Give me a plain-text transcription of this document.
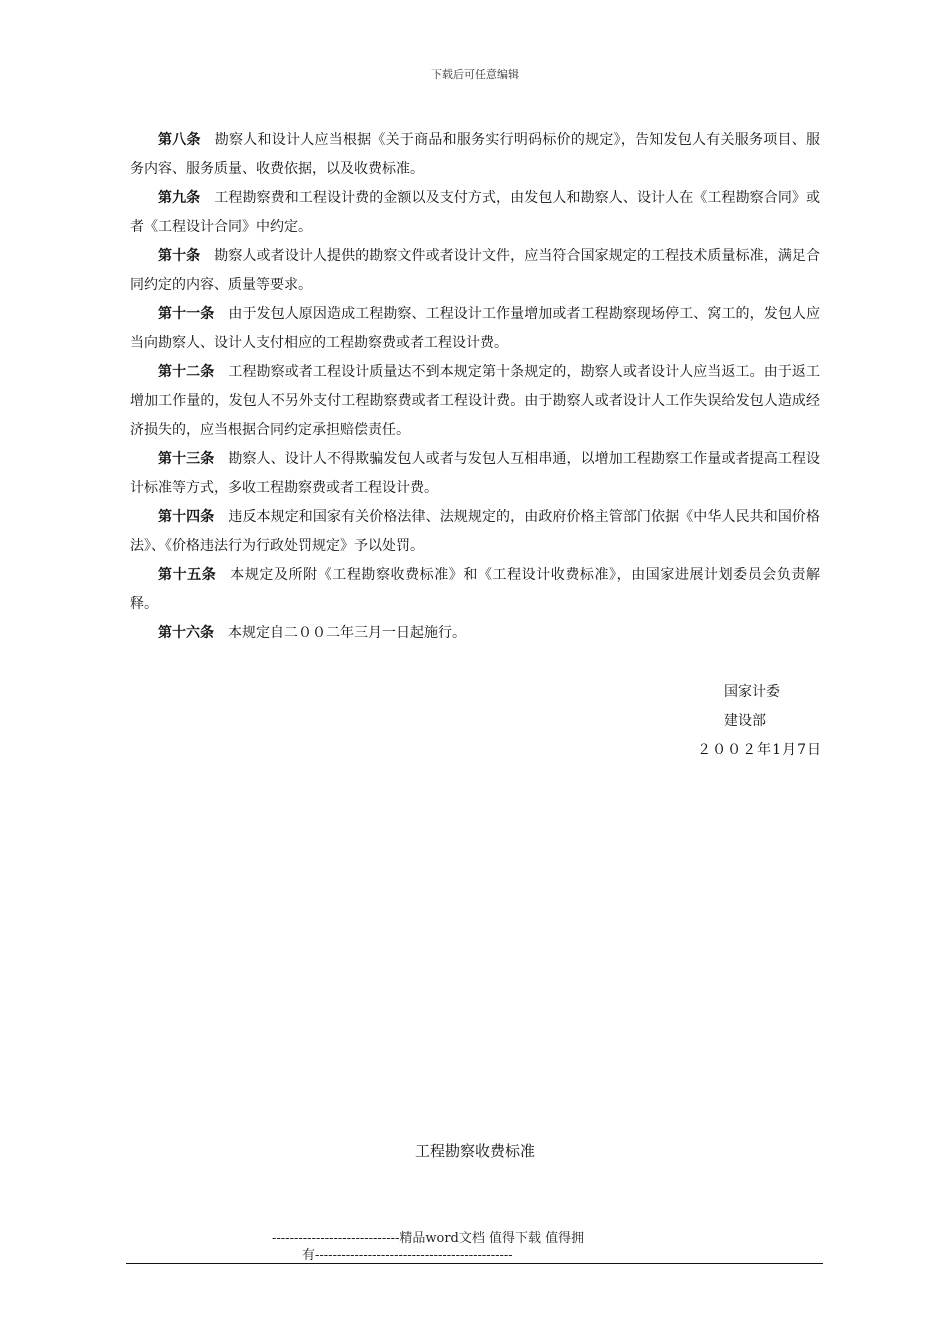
下载后可任意编辑

第八条 勘察人和设计人应当根据《关于商品和服务实行明码标价的规定》，告知发包人有关服务项目、服务内容、服务质量、收费依据，以及收费标准。

第九条 工程勘察费和工程设计费的金额以及支付方式，由发包人和勘察人、设计人在《工程勘察合同》或者《工程设计合同》中约定。

第十条 勘察人或者设计人提供的勘察文件或者设计文件，应当符合国家规定的工程技术质量标准，满足合同约定的内容、质量等要求。

第十一条 由于发包人原因造成工程勘察、工程设计工作量增加或者工程勘察现场停工、窝工的，发包人应当向勘察人、设计人支付相应的工程勘察费或者工程设计费。

第十二条 工程勘察或者工程设计质量达不到本规定第十条规定的，勘察人或者设计人应当返工。由于返工增加工作量的，发包人不另外支付工程勘察费或者工程设计费。由于勘察人或者设计人工作失误给发包人造成经济损失的，应当根据合同约定承担赔偿责任。

第十三条 勘察人、设计人不得欺骗发包人或者与发包人互相串通，以增加工程勘察工作量或者提高工程设计标准等方式，多收工程勘察费或者工程设计费。

第十四条 违反本规定和国家有关价格法律、法规规定的，由政府价格主管部门依据《中华人民共和国价格法》、《价格违法行为行政处罚规定》予以处罚。

第十五条 本规定及所附《工程勘察收费标准》和《工程设计收费标准》，由国家进展计划委员会负责解释。

第十六条 本规定自二００二年三月一日起施行。

国家计委
建设部
２００２年1月7日
工程勘察收费标准
-----------------------------精品word文档 值得下载 值得拥
有---------------------------------------------
